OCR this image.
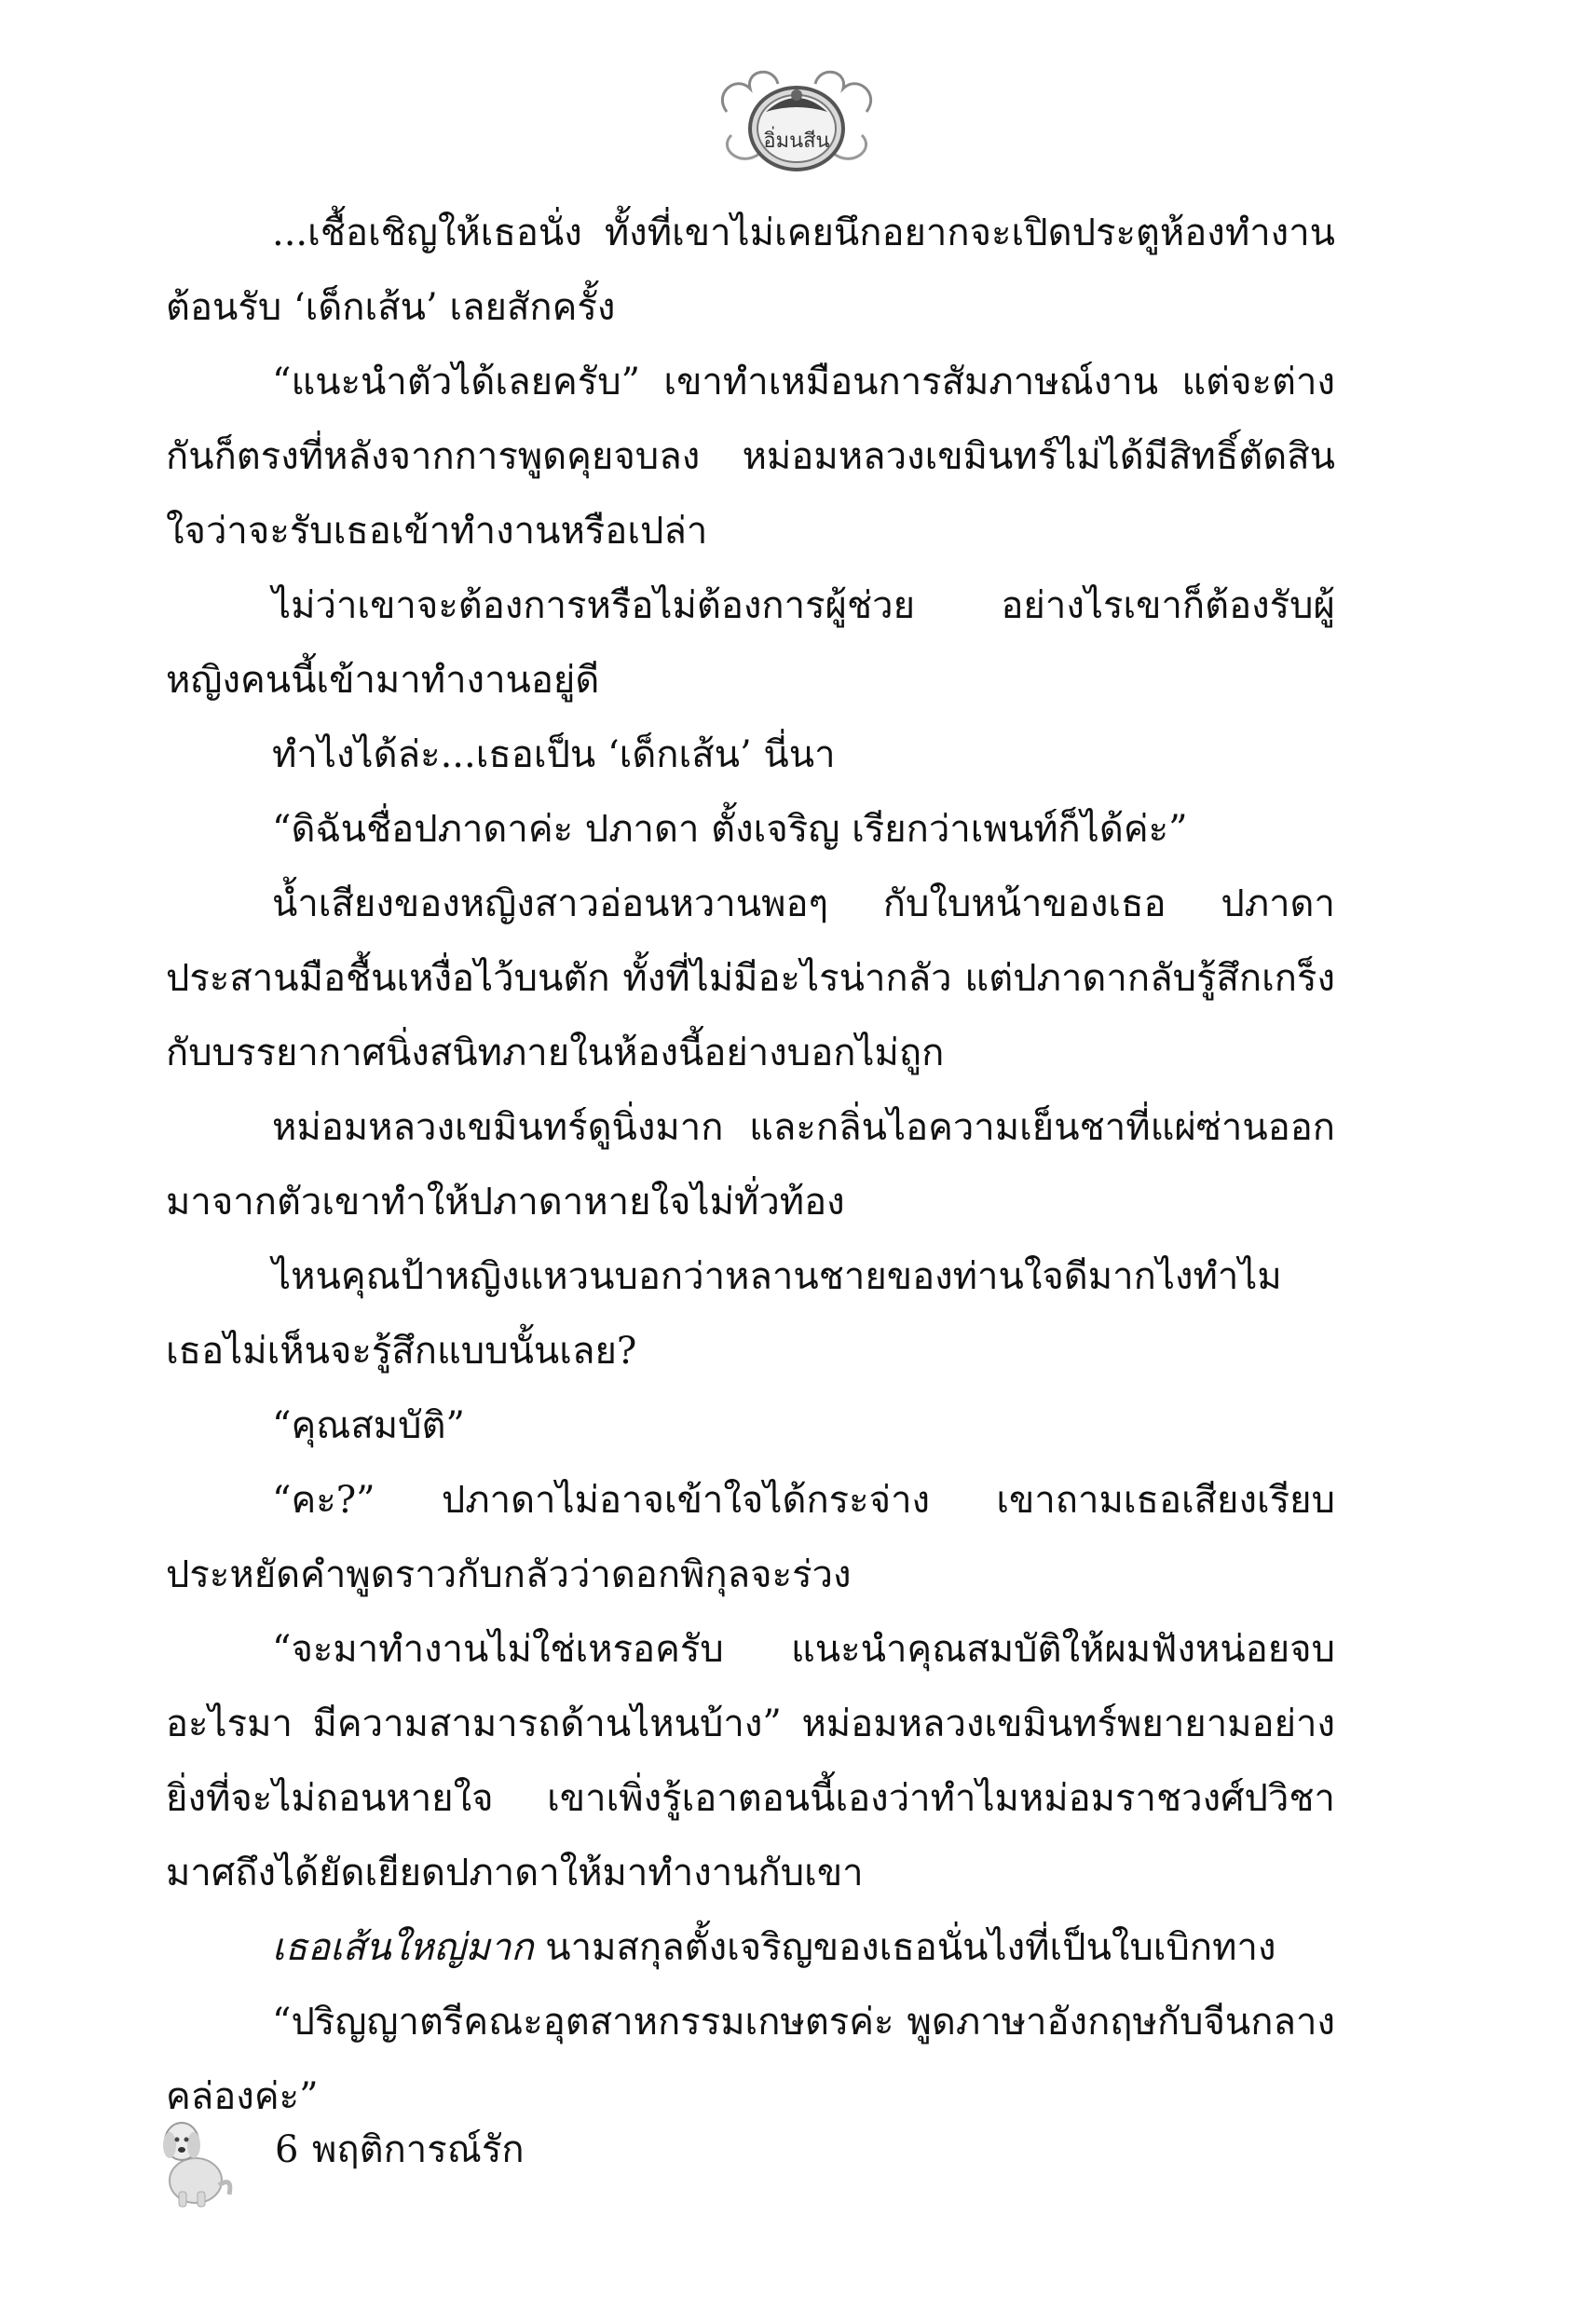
อิ่มนสีน

...เชื้อเชิญให้เธอนั่ง ทั้งที่เขาไม่เคยนึกอยากจะเปิดประตูห้องทำงานต้อนรับ ‘เด็กเส้น’ เลยสักครั้ง

“แนะนำตัวได้เลยครับ” เขาทำเหมือนการสัมภาษณ์งาน แต่จะต่างกันก็ตรงที่หลังจากการพูดคุยจบลง หม่อมหลวงเขมินทร์ไม่ได้มีสิทธิ์ตัดสินใจว่าจะรับเธอเข้าทำงานหรือเปล่า

ไม่ว่าเขาจะต้องการหรือไม่ต้องการผู้ช่วย อย่างไรเขาก็ต้องรับผู้หญิงคนนี้เข้ามาทำงานอยู่ดี

ทำไงได้ล่ะ...เธอเป็น ‘เด็กเส้น’ นี่นา

“ดิฉันชื่อปภาดาค่ะ ปภาดา ตั้งเจริญ เรียกว่าเพนท์ก็ได้ค่ะ”

น้ำเสียงของหญิงสาวอ่อนหวานพอๆ กับใบหน้าของเธอ ปภาดาประสานมือชื้นเหงื่อไว้บนตัก ทั้งที่ไม่มีอะไรน่ากลัว แต่ปภาดากลับรู้สึกเกร็งกับบรรยากาศนิ่งสนิทภายในห้องนี้อย่างบอกไม่ถูก

หม่อมหลวงเขมินทร์ดูนิ่งมาก และกลิ่นไอความเย็นชาที่แผ่ซ่านออกมาจากตัวเขาทำให้ปภาดาหายใจไม่ทั่วท้อง

ไหนคุณป้าหญิงแหวนบอกว่าหลานชายของท่านใจดีมากไงทำไมเธอไม่เห็นจะรู้สึกแบบนั้นเลย?

“คุณสมบัติ”

“คะ?” ปภาดาไม่อาจเข้าใจได้กระจ่าง เขาถามเธอเสียงเรียบประหยัดคำพูดราวกับกลัวว่าดอกพิกุลจะร่วง

“จะมาทำงานไม่ใช่เหรอครับ แนะนำคุณสมบัติให้ผมฟังหน่อยจบอะไรมา มีความสามารถด้านไหนบ้าง” หม่อมหลวงเขมินทร์พยายามอย่างยิ่งที่จะไม่ถอนหายใจ เขาเพิ่งรู้เอาตอนนี้เองว่าทำไมหม่อมราชวงศ์ปวิชามาศถึงได้ยัดเยียดปภาดาให้มาทำงานกับเขา

เธอเส้นใหญ่มาก นามสกุลตั้งเจริญของเธอนั่นไงที่เป็นใบเบิกทาง

“ปริญญาตรีคณะอุตสาหกรรมเกษตรค่ะ พูดภาษาอังกฤษกับจีนกลางคล่องค่ะ”

6 พฤติการณ์รัก
